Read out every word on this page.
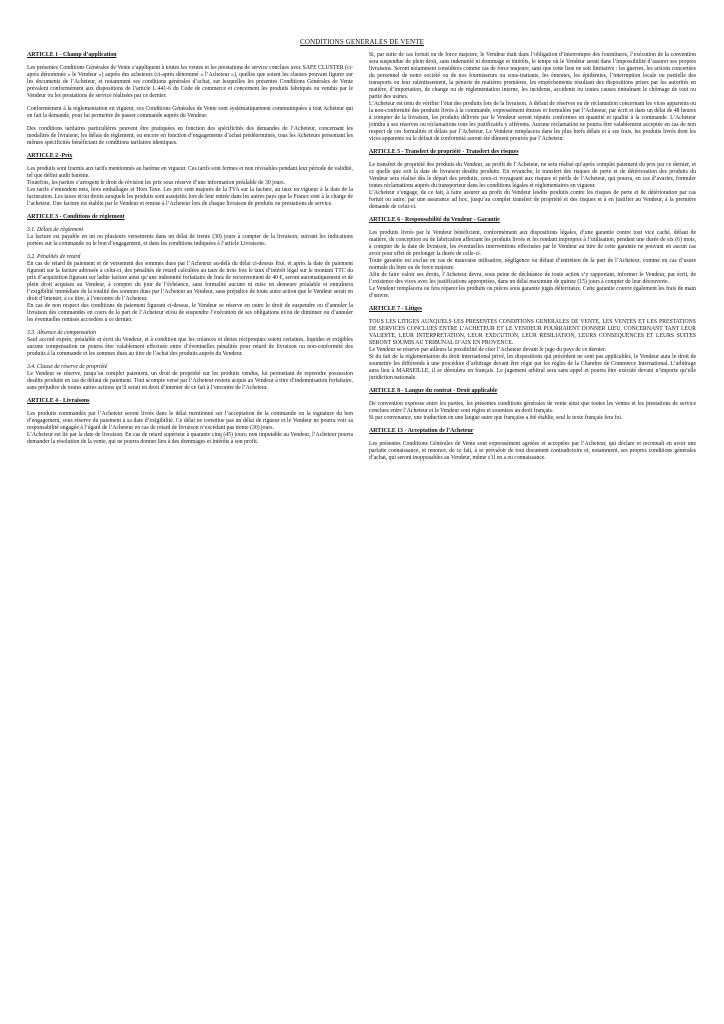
CONDITIONS GENERALES DE VENTE
ARTICLE 1 - Champ d’application

Les présentes Conditions Générales de Vente s’appliquent à toutes les ventes et les prestations de service conclues avec SAFE CLUSTER (ci-après dénommée « le Vendeur ») auprès des acheteurs (ci-après dénommé « l’Acheteur »), quelles que soient les clauses pouvant figurer sur les documents de l’Acheteur, et notamment ses conditions générales d’achat, sur lesquelles les présentes Conditions Générales de Vente prévalent conformément aux dispositions de l’article L 441-6 du Code de commerce et concernent les produits fabriqués ou vendus par le Vendeur ou les prestations de service réalisées par ce dernier.

Conformément à la réglementation en vigueur, ces Conditions Générales de Vente sont systématiquement communiquées à tout Acheteur qui en fait la demande, pour lui permettre de passer commande auprès du Vendeur.

Des conditions tarifaires particulières peuvent être pratiquées en fonction des spécificités des demandes de l’Acheteur, concernant les modalités de livraison, les délais de règlement, ou encore en fonction d’engagements d’achat prédéterminés, tous les Acheteurs présentant les mêmes spécificités bénéficiant de conditions tarifaires identiques.

ARTICLE 2 -Prix

Les produits sont fournis aux tarifs mentionnés au barème en vigueur. Ces tarifs sont fermes et non révisables pendant leur période de validité, tel que défini audit barème.

Toutefois, les parties s’arrogent le droit de révision les prix sous réserve d’une information préalable de 30 jours.

Les tarifs s’entendent nets, hors emballages et Hors Taxe. Les prix sont majorés de la TVA sur la facture, au taux en vigueur à la date de la facturation. Les taxes et/ou droits auxquels les produits sont assujettis lors de leur entrée dans les autres pays que la France sont à la charge de l’acheteur. Une facture est établie par le Vendeur et remise à l’Acheteur lors de chaque livraison de produits ou prestations de service.

ARTICLE 3 - Conditions de règlement
3.1. Délais de règlement

La facture est payable en un ou plusieurs versements dans un délai de trente (30) jours à compter de la livraison, suivant les indications portées sur la commande ou le bon d’engagement, et dans les conditions indiquées à l’article Livraisons.

3.2. Pénalités de retard

En cas de retard de paiement et de versement des sommes dues par l’Acheteur au-delà du délai ci-dessus fixé, et après la date de paiement figurant sur la facture adressée à celui-ci, des pénalités de retard calculées au taux de trois fois le taux d’intérêt légal sur le montant TTC du prix d’acquisition figurant sur ladite facture ainsi qu’une indemnité forfaitaire de frais de recouvrement de 40 €, seront automatiquement et de plein droit acquises au Vendeur, à compter du jour de l’échéance, sans formalité aucune ni mise en demeure préalable et entraînera l’exigibilité immédiate de la totalité des sommes dues par l’Acheteur au Vendeur, sans préjudice de toute autre action que le Vendeur serait en droit d’intenter, à ce titre, à l’encontre de l’Acheteur.

En cas de non respect des conditions de paiement figurant ci-dessus, le Vendeur se réserve en outre le droit de suspendre ou d’annuler la livraison des commandes en cours de la part de l’Acheteur et/ou de suspendre l’exécution de ses obligations et/ou de diminuer ou d’annuler les éventuelles remises accordées à ce dernier.

3.3. Absence de compensation

Sauf accord exprès, préalable et écrit du Vendeur, et à condition que les créances et dettes réciproques soient certaines, liquides et exigibles aucune compensation ne pourra être valablement effectuée entre d’éventuelles pénalités pour retard de livraison ou non-conformité des produits à la commande et les sommes dues au titre de l’achat des produits auprès du Vendeur.

3.4. Clause de réserve de propriété

Le Vendeur se réserve, jusqu’au complet paiement, un droit de propriété sur les produits vendus, lui permettant de reprendre possession desdits produits en cas de défaut de paiement. Tout acompte versé par l’Acheteur restera acquis au Vendeur à titre d’indemnisation forfaitaire, sans préjudice de toutes autres actions qu’il serait en droit d’intenter de ce fait à l’encontre de l’Acheteur.

ARTICLE 4 - Livraisons

Les produits commandés par l’Acheteur seront livrés dans le délai mentionné sur l’acceptation de la commande ou la signature du bon d’engagement, sous réserve du paiement à sa date d’exigibilité. Ce délai ne constitue pas un délai de rigueur et le Vendeur ne pourra voir sa responsabilité engagée à l’égard de l’Acheteur en cas de retard de livraison n’excédant pas trente (30) jours.

L’Acheteur est lié par la date de livraison. En cas de retard supérieur à quarante cinq (45) jours, non imputable au Vendeur, l’Acheteur pourra demander la résolution de la vente, qui ne pourra donner lieu à des dommages et intérêts à son profit.

Si, par suite de cas fortuit ou de force majeure, le Vendeur était dans l’obligation d’interrompre des fournitures, l’exécution de la convention sera suspendue de plein droit, sans indemnité ni dommage et intérêts, le temps où le Vendeur serait dans l’impossibilité d’assurer ses propres livraisons. Seront notamment considérés comme cas de force majeure, sans que cette liste ne soit limitative : les guerres, les actions concertées du personnel de notre société ou de nos fournisseurs ou sous-traitants, les émeutes, les épidémies, l’interruption locale ou partielle des transports ou leur ralentissement, la pénurie de matières premières, les empêchements résultant des dispositions prises par les autorités en matière, d’importation, de change ou de réglementation interne, les incidents, accidents ou toutes causes entraînant le chômage de tout ou partie des usines.

L’Acheteur est tenu de vérifier l’état des produits lors de la livraison. A défaut de réserves ou de réclamation concernant les vices apparents ou la non-conformité des produits livrés à la commande, expressément émises et formulées par l’Acheteur, par écrit et dans un délai de 48 heures à compter de la livraison, les produits délivrés par le Vendeur seront réputés conformes en quantité et qualité à la commande. L’Acheteur joindra à ses réserves ou réclamations tous les justificatifs y afférents. Aucune réclamation ne pourra être valablement acceptée en cas de non respect de ces formalités et délais par l’Acheteur. Le Vendeur remplacera dans les plus brefs délais et à ses frais, les produits livrés dont les vices apparents ou le défaut de conformité auront été dûment prouvés par l’Acheteur.

ARTICLE 5 - Transfert de propriété - Transfert des risques

Le transfert de propriété des produits du Vendeur, au profit de l’Acheteur, ne sera réalisé qu’après complet paiement du prix par ce dernier, et ce quelle que soit la date de livraison desdits produits. En revanche, le transfert des risques de perte et de détérioration des produits du Vendeur sera réalisé dès le départ des produits, ceux-ci voyageant aux risques et périls de l’Acheteur, qui pourra, en cas d’avaries, formuler toutes réclamations auprès du transporteur dans les conditions légales et réglementaires en vigueur.

L’Acheteur s’engage, de ce fait, à faire assurer au profit du Vendeur lesdits produits contre les risques de perte et de détérioration par cas fortuit ou autre, par une assurance ad hoc, jusqu’au complet transfert de propriété et des risques et à en justifier au Vendeur, à la première demande de celui-ci.

ARTICLE 6 - Responsabilité du Vendeur - Garantie

Les produits livrés par le Vendeur bénéficient, conformément aux dispositions légales, d’une garantie contre tout vice caché, défaut de matière, de conception ou de fabrication affectant les produits livrés et les rendant impropres à l’utilisation, pendant une durée de six (6) mois, à compter de la date de livraison, les éventuelles interventions effectuées par le Vendeur au titre de cette garantie ne pouvant en aucun cas avoir pour effet de prolonger la durée de celle-ci.

Toute garantie est exclue en cas de mauvaise utilisation, négligence ou défaut d’entretien de la part de l’Acheteur, comme en cas d’usure normale du bien ou de force majeure.

Afin de faire valoir ses droits, l’Acheteur devra, sous peine de déchéance de toute action s’y rapportant, informer le Vendeur, par écrit, de l’existence des vices avec les justifications appropriées, dans un délai maximum de quinze (15) jours à compter de leur découverte.

Le Vendeur remplacera ou fera réparer les produits ou pièces sous garantie jugés défectueux. Cette garantie couvre également les frais de main d’œuvre.

ARTICLE 7 - Litiges

TOUS LES LITIGES AUXQUELS LES PRESENTES CONDITIONS GENERALES DE VENTE, LES VENTES ET LES PRESTATIONS DE SERVICES CONCLUES ENTRE L’ACHETEUR ET LE VENDEUR POURRAIENT DONNER LIEU, CONCERNANT TANT LEUR VALIDITE, LEUR INTERPRETATION, LEUR EXECUTION, LEUR RESILIATION, LEURS CONSEQUENCES ET LEURS SUITES SERONT SOUMIS AU TRIBUNAL D’AIX EN PROVENCE.

Le Vendeur se réserve par ailleurs la possibilité de citer l’Acheteur devant le juge du pays de ce dernier.

Si du fait de la réglementation du droit international privé, les dispositions qui précèdent ne sont pas applicables, le Vendeur aura le droit de soumettre les différends à une procédure d’arbitrage devant être régie par les règles de la Chambre de Commerce International. L’arbitrage aura lieu à MARSEILLE, il se déroulera en français. Le jugement arbitral sera sans appel et pourra être exécuté devant n’importe qu’elle juridiction nationale.

ARTICLE 8 - Langue du contrat - Droit applicable

De convention expresse entre les parties, les présentes conditions générales de vente ainsi que toutes les ventes et les prestations de service conclues entre l’Acheteur et le Vendeur sont régies et soumises au droit français.

Si par convenance, une traduction en une langue autre que française a été établie, seul le texte français fera foi.

ARTICLE 13 - Acceptation de l’Acheteur

Les présentes Conditions Générales de Vente sont expressément agréées et acceptées par l’Acheteur, qui déclare et reconnaît en avoir une parfaite connaissance, et renonce, de ce fait, à se prévaloir de tout document contradictoire et, notamment, ses propres conditions générales d’achat, qui seront inopposables au Vendeur, même s’il en a eu connaissance.
